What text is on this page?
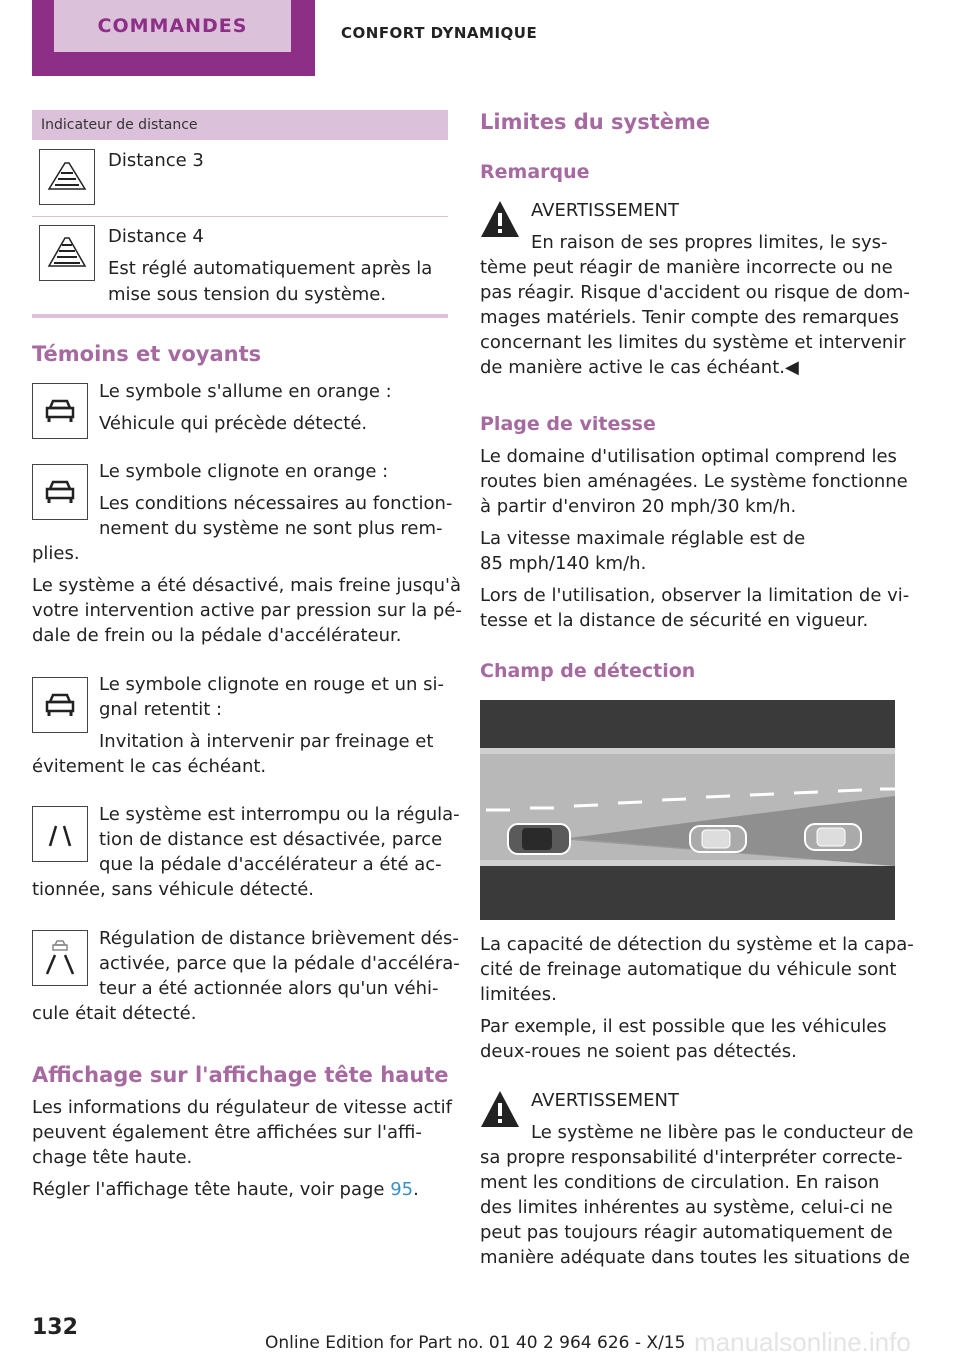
COMMANDES	CONFORT DYNAMIQUE
Indicateur de distance
Distance 3
Distance 4
Est réglé automatiquement après la mise sous tension du système.
Témoins et voyants
Le symbole s'allume en orange :
Véhicule qui précède détecté.
Le symbole clignote en orange :
Les conditions nécessaires au fonction-
nement du système ne sont plus rem-
plies.
Le système a été désactivé, mais freine jusqu'à
votre intervention active par pression sur la pé-
dale de frein ou la pédale d'accélérateur.
Le symbole clignote en rouge et un si-
gnal retentit :
Invitation à intervenir par freinage et
évitement le cas échéant.
Le système est interrompu ou la régula-
tion de distance est désactivée, parce
que la pédale d'accélérateur a été ac-
tionnée, sans véhicule détecté.
Régulation de distance brièvement dés-
activée, parce que la pédale d'accéléra-
teur a été actionnée alors qu'un véhi-
cule était détecté.
Affichage sur l'affichage tête haute
Les informations du régulateur de vitesse actif
peuvent également être affichées sur l'affi-
chage tête haute.
Régler l'affichage tête haute, voir page 95.
Limites du système
Remarque
AVERTISSEMENT
En raison de ses propres limites, le sys-
tème peut réagir de manière incorrecte ou ne
pas réagir. Risque d'accident ou risque de dom-
mages matériels. Tenir compte des remarques
concernant les limites du système et intervenir
de manière active le cas échéant.◀
Plage de vitesse
Le domaine d'utilisation optimal comprend les
routes bien aménagées. Le système fonctionne
à partir d'environ 20 mph/30 km/h.
La vitesse maximale réglable est de
85 mph/140 km/h.
Lors de l'utilisation, observer la limitation de vi-
tesse et la distance de sécurité en vigueur.
Champ de détection
La capacité de détection du système et la capa-
cité de freinage automatique du véhicule sont
limitées.
Par exemple, il est possible que les véhicules
deux-roues ne soient pas détectés.
AVERTISSEMENT
Le système ne libère pas le conducteur de
sa propre responsabilité d'interpréter correcte-
ment les conditions de circulation. En raison
des limites inhérentes au système, celui-ci ne
peut pas toujours réagir automatiquement de
manière adéquate dans toutes les situations de
132
Online Edition for Part no. 01 40 2 964 626 - X/15 manualsonline.info
